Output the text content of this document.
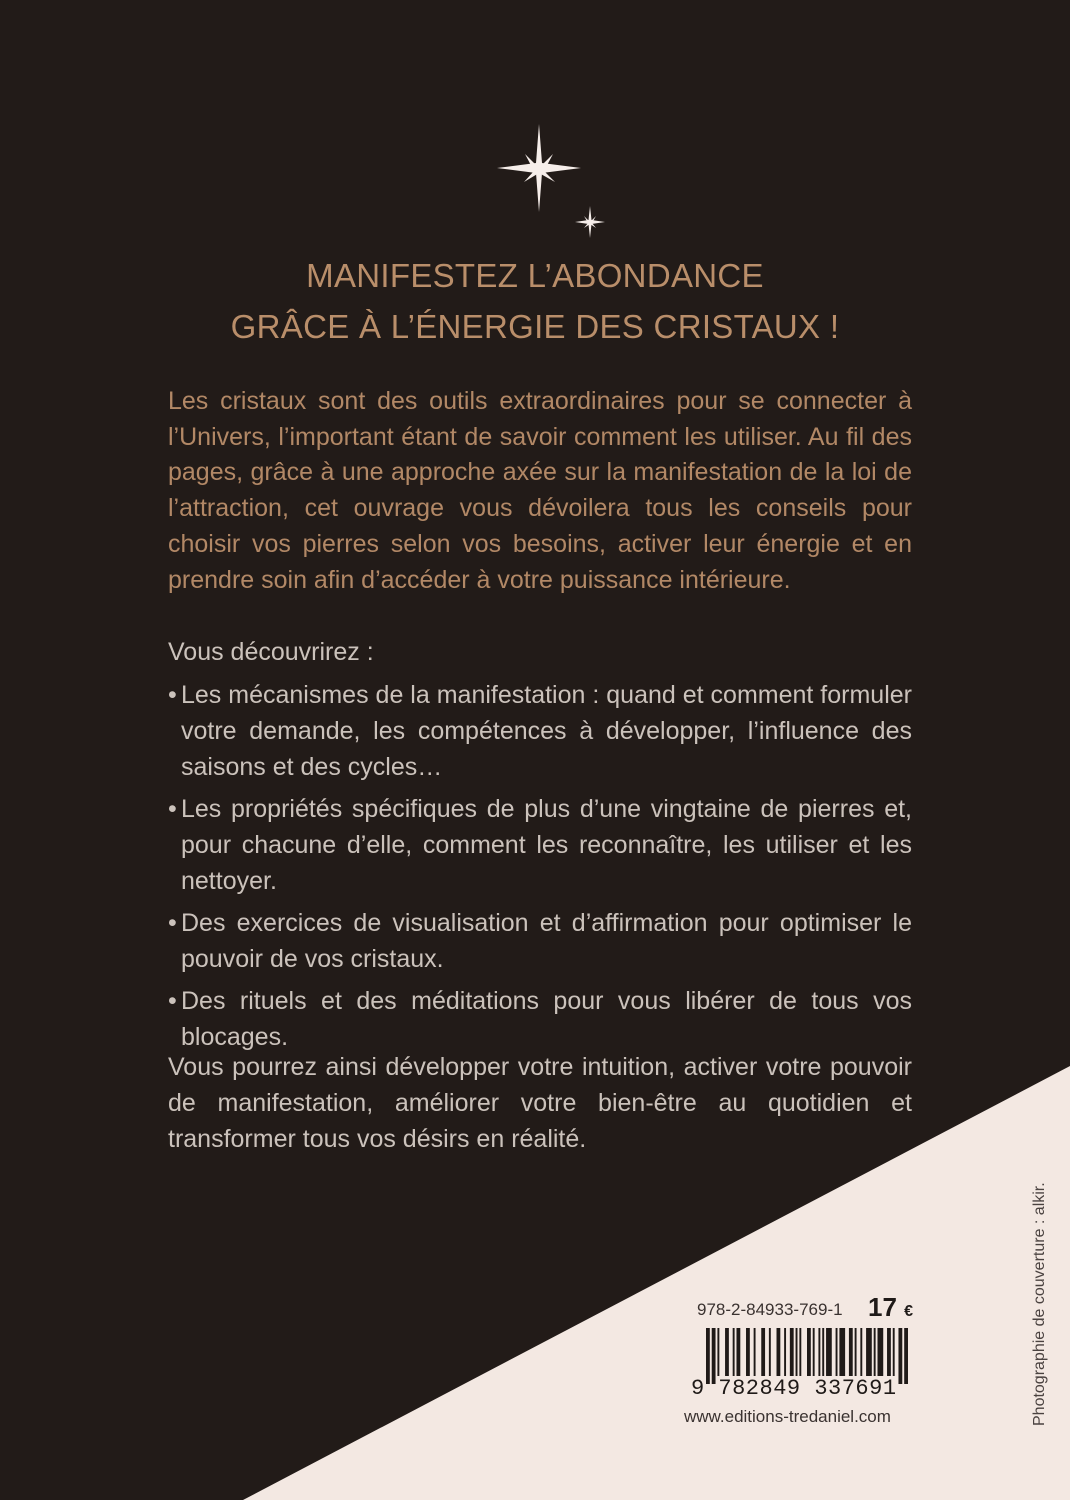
MANIFESTEZ L’ABONDANCE
GRÂCE À L’ÉNERGIE DES CRISTAUX !
Les cristaux sont des outils extraordinaires pour se connecter à l’Univers, l’important étant de savoir comment les utiliser. Au fil des pages, grâce à une approche axée sur la manifestation de la loi de l’attraction, cet ouvrage vous dévoilera tous les conseils pour choisir vos pierres selon vos besoins, activer leur énergie et en prendre soin afin d’accéder à votre puissance intérieure.
Vous découvrirez :
• Les mécanismes de la manifestation : quand et comment formuler votre demande, les compétences à développer, l’influence des saisons et des cycles…
• Les propriétés spécifiques de plus d’une vingtaine de pierres et, pour chacune d’elle, comment les reconnaître, les utiliser et les nettoyer.
• Des exercices de visualisation et d’affirmation pour optimiser le pouvoir de vos cristaux.
• Des rituels et des méditations pour vous libérer de tous vos blocages.
Vous pourrez ainsi développer votre intuition, activer votre pouvoir de manifestation, améliorer votre bien-être au quotidien et transformer tous vos désirs en réalité.
978-2-84933-769-1 17 €
9 782849 337691
www.editions-tredaniel.com	Photographie de couverture : alkir.
